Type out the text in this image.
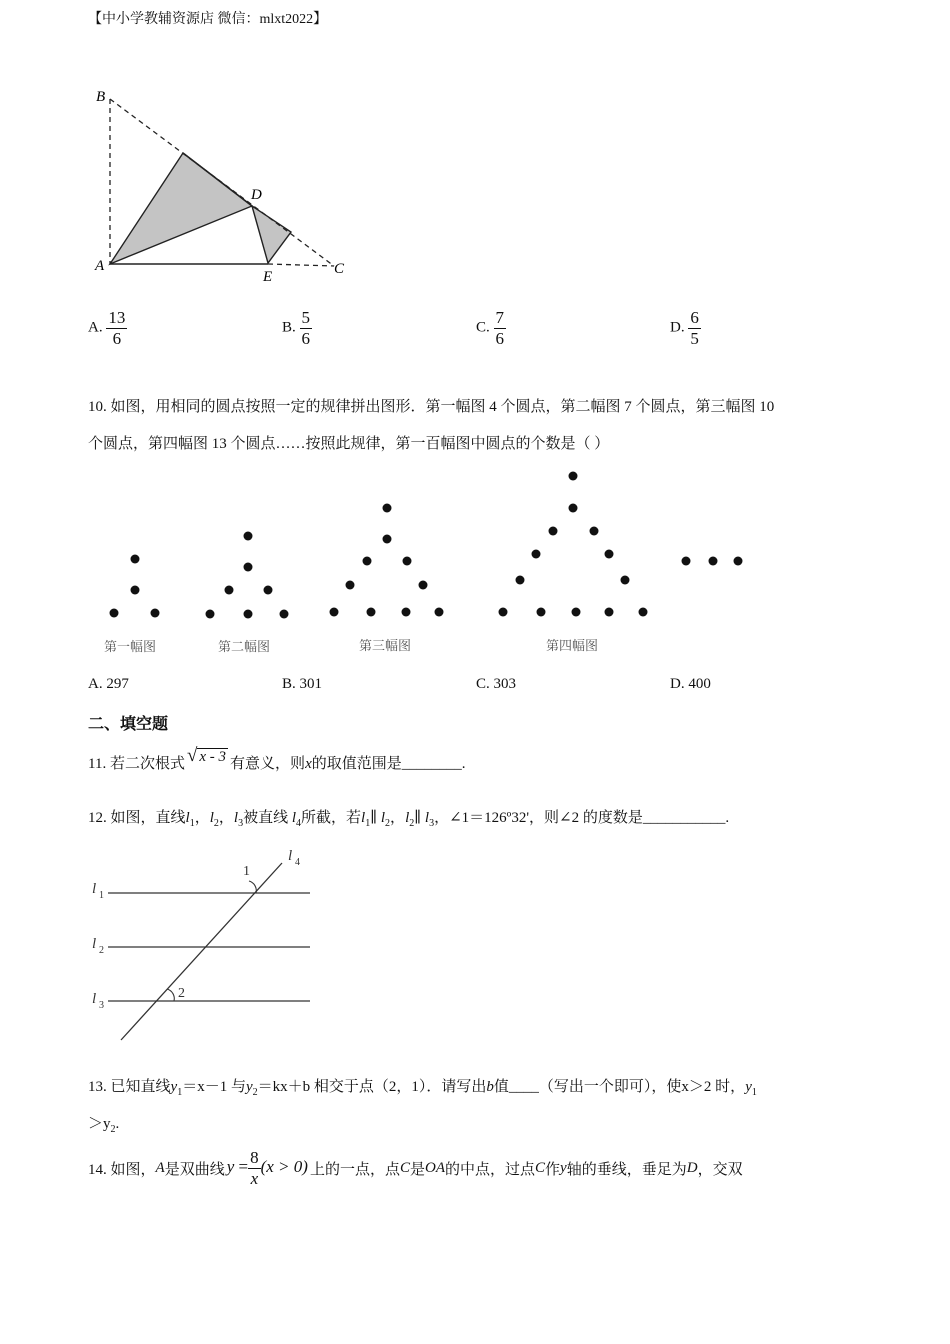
【中小学教辅资源店 微信：mlxt2022】
B
D
A
E	C
A. $\frac{13}{6}$	B. $\frac{5}{6}$	C. $\frac{7}{6}$	D. $\frac{6}{5}$
10. 如图，用相同的圆点按照一定的规律拼出图形．第一幅图 4 个圆点，第二幅图 7 个圆点，第三幅图 10
个圆点，第四幅图 13 个圆点……按照此规律，第一百幅图中圆点的个数是（ ）
第一幅图	第二幅图	第三幅图	第四幅图
A. 297	B. 301	C. 303	D. 400
二、填空题
11. 若二次根式 √ x - 3 有意义，则x的取值范围是________.
12. 如图，直线$l_1$，$l_2$，$l_3$被直线 $l_4$所截，若$l_1\parallel$ $l_2$，$l_2\parallel$ $l_3$，∠1＝126º32'，则∠2 的度数是___________.
l 1
l 2
l 3
l 4
1
2
13. 已知直线$y_1=x-1$ 与$y_2=kx+b$ 相交于点（2，1）．请写出b值____（写出一个即可），使x＞2 时，$y_1$
$>y_2$.
14. 如图，A是双曲线 $y = \frac{8}{x} (x > 0)$ 上的一点，点C是OA的中点，过点C作y轴的垂线，垂足为D，交双
